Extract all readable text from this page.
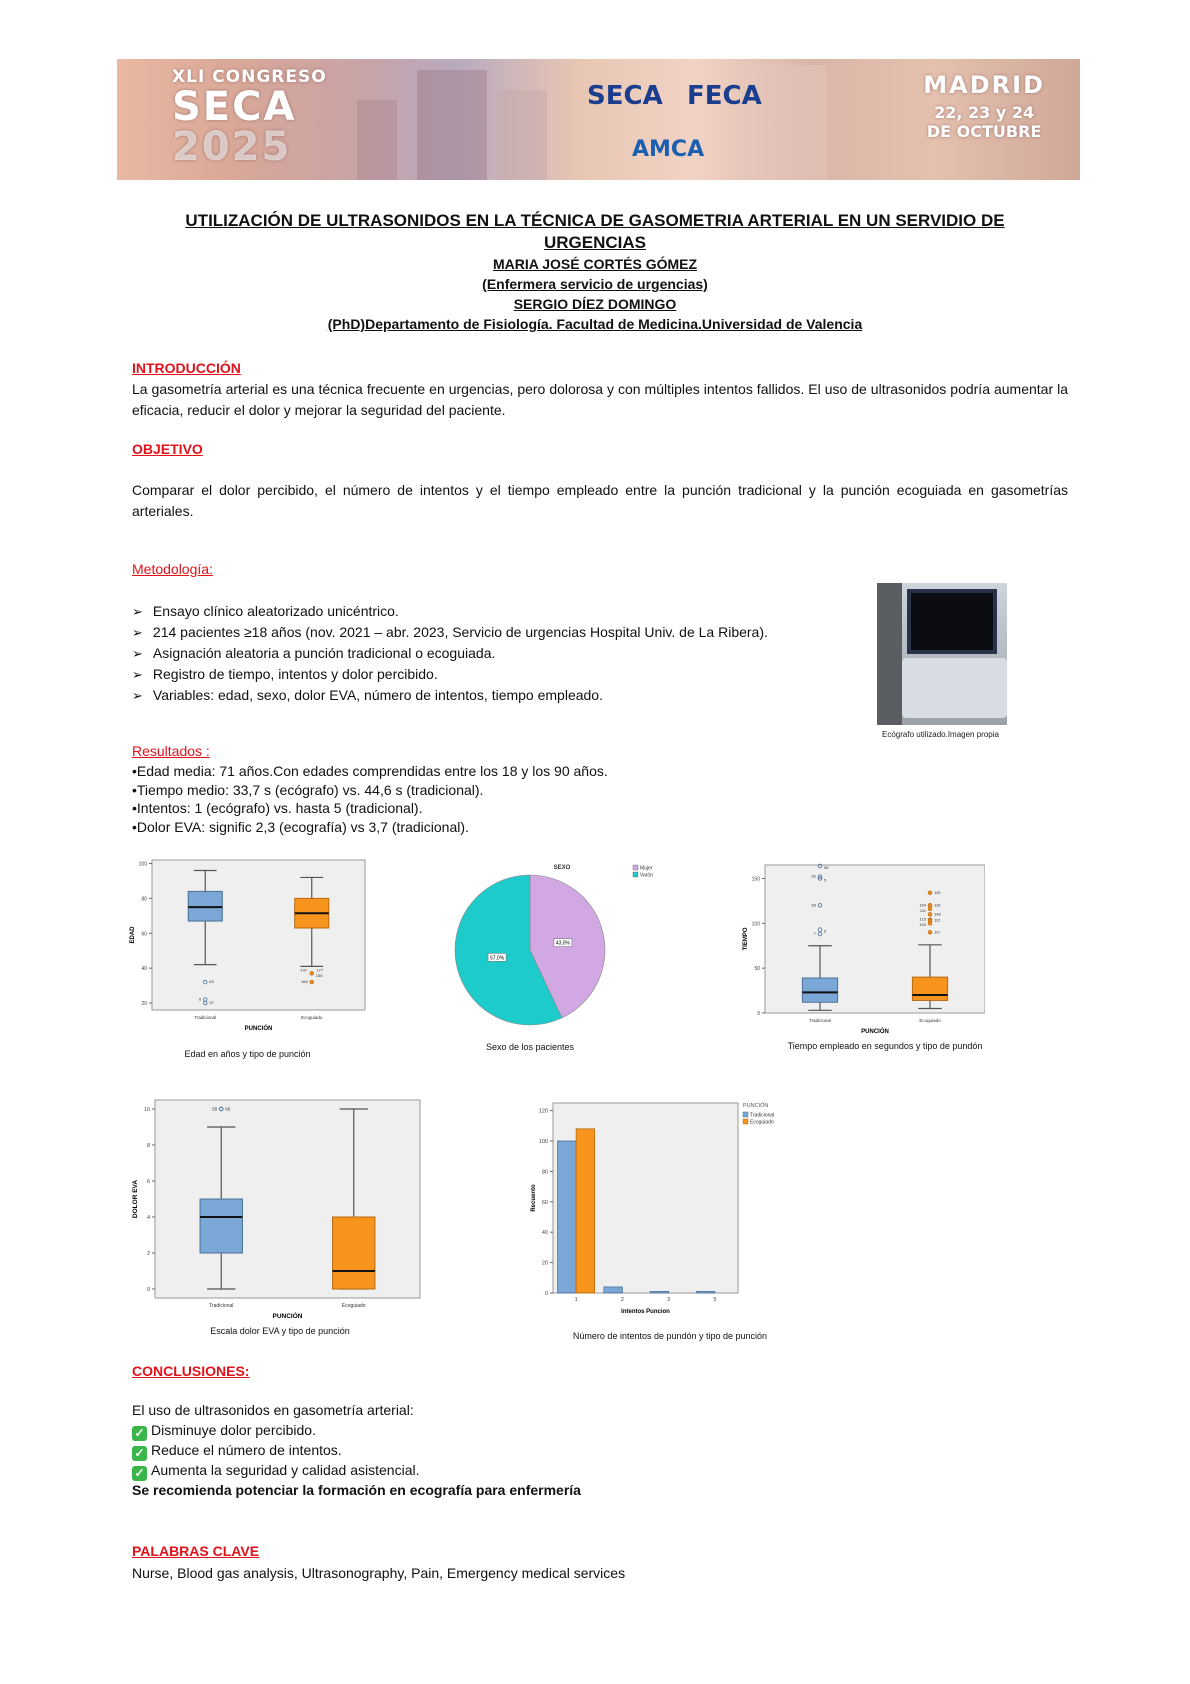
XLI CONGRESO
SECA
2025
SECA FECA
AMCA
MADRID
22, 23 y 24
DE OCTUBRE
UTILIZACIÓN DE ULTRASONIDOS EN LA TÉCNICA DE GASOMETRIA ARTERIAL EN UN SERVIDIO DE
URGENCIAS
MARIA JOSÉ CORTÉS GÓMEZ
(Enfermera servicio de urgencias)
SERGIO DÍEZ DOMINGO
(PhD)Departamento de Fisiología. Facultad de Medicina.Universidad de Valencia
INTRODUCCIÓN
La gasometría arterial es una técnica frecuente en urgencias, pero dolorosa y con múltiples intentos fallidos. El uso de ultrasonidos podría aumentar la eficacia, reducir el dolor y mejorar la seguridad del paciente.
OBJETIVO
Comparar el dolor percibido, el número de intentos y el tiempo empleado entre la punción tradicional y la punción ecoguiada en gasometrías arteriales.
Metodología:
➢ Ensayo clínico aleatorizado unicéntrico.
➢ 214 pacientes ≥18 años (nov. 2021 – abr. 2023, Servicio de urgencias Hospital Univ. de La Ribera).
➢ Asignación aleatoria a punción tradicional o ecoguiada.
➢ Registro de tiempo, intentos y dolor percibido.
➢ Variables: edad, sexo, dolor EVA, número de intentos, tiempo empleado.
Ecógrafo utilizado.Imagen propia
Resultados :
•Edad media: 71 años.Con edades comprendidas entre los 18 y los 90 años.
•Tiempo medio: 33,7 s (ecógrafo) vs. 44,6 s (tradicional).
•Intentos: 1 (ecógrafo) vs. hasta 5 (tradicional).
•Dolor EVA: signific 2,3 (ecografía) vs 3,7 (tradicional).
20
40
60
80
100
EDAD
63
37
6
Tradicional
147 177
155
166
Ecoguiado
PUNCIÓN
Edad en años y tipo de punción
SEXO
43,0%
57,0%
Mujer
Varón
Sexo de los pacientes
0
50
100
150
TIEMPO
56
5
6
62
83
7
Tradicional
119
118
148
112
117
154
111
115
100
Ecoguiado
PUNCIÓN
Tiempo empleado en segundos y tipo de pundón
0
2
4
6
8
10
DOLOR EVA
66
50
Tradicional	Ecoguiado
PUNCIÓN
Escala dolor EVA y tipo de punción
0
20
40
60
80
100
120
Recuento
1	2	3	5
Intentos Puncion
PUNCIÓN
Tradicional
Ecoguiado
Número de intentos de pundón y tipo de punción
CONCLUSIONES:
El uso de ultrasonidos en gasometría arterial:
✓ Disminuye dolor percibido.
✓ Reduce el número de intentos.
✓ Aumenta la seguridad y calidad asistencial.
Se recomienda potenciar la formación en ecografía para enfermería
PALABRAS CLAVE
Nurse, Blood gas analysis, Ultrasonography, Pain, Emergency medical services
